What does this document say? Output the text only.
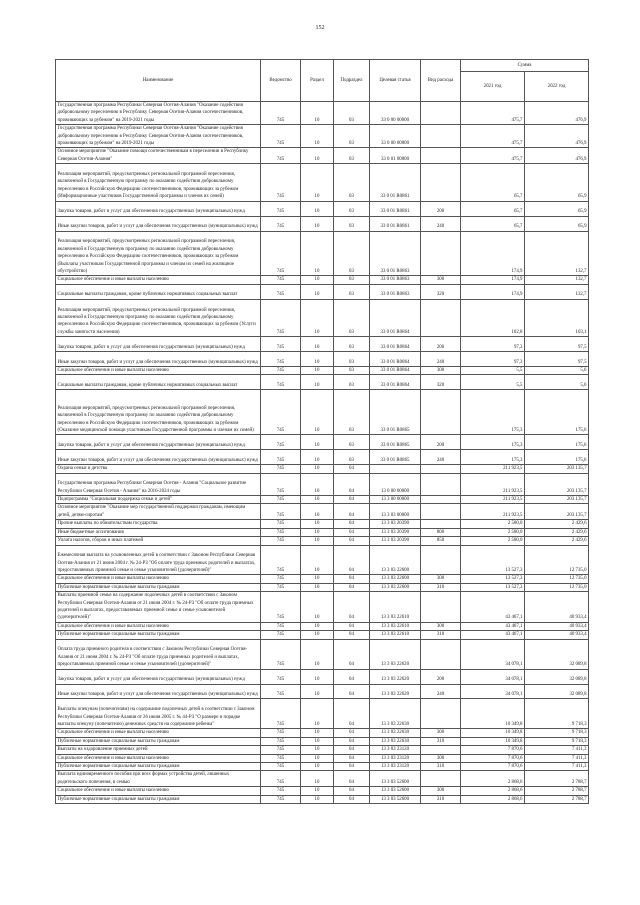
152
Наименование	Ведомство	Раздел	Подраздел	Целевая статья	Вид расхода	Сумма	
						2021 год	2022 год
Государственная программа Республики Северная Осетия-Алания "Оказание содействия добровольному переселению в Республику Северная Осетия-Алания соотечественников, проживающих за рубежом" на 2019-2021 годы	745	10	03	33 0 00 00000		475,7	476,9
Государственная программа Республики Северная Осетия-Алания "Оказание содействия добровольному переселению в Республику Северная Осетия-Алания соотечественников, проживающих за рубежом" на 2019-2021 годы	745	10	03	33 0 00 00000		475,7	476,9
Основное мероприятие "Оказание помощи соотечественникам в переселении в Республику Северная Осетия-Алания"	745	10	03	33 0 01 00000		475,7	476,9
Реализация мероприятий, предусмотренных региональной программой переселения, включенной в Государственную программу по оказанию содействия добровольному переселению в Российскую Федерацию соотечественников, проживающих за рубежом (Информационные участников Государственной программы и членов их семей)	745	10	03	33 0 01 R0861		65,7	65,9
Закупка товаров, работ и услуг для обеспечения государственных (муниципальных) нужд	745	10	03	33 0 01 R0861	200	65,7	65,9
Иные закупки товаров, работ и услуг для обеспечения государственных (муниципальных) нужд	745	10	03	33 0 01 R0861	240	65,7	65,9
Реализация мероприятий, предусмотренных региональной программой переселения, включенной в Государственную программу по оказанию содействия добровольному переселению в Российскую Федерацию соотечественников, проживающих за рубежом (Выплаты участникам Государственной программы и членам их семей на жилищное обустройство)	745	10	03	33 0 01 R0863		174,9	132,7
Социальное обеспечение и иные выплаты населению	745	10	03	33 0 01 R0863	300	174,9	132,7
Социальные выплаты гражданам, кроме публичных нормативных социальных выплат	745	10	03	33 0 01 R0863	320	174,9	132,7
Реализация мероприятий, предусмотренных региональной программой переселения, включенной в Государственную программу по оказанию содействия добровольному переселению в Российскую Федерацию соотечественников, проживающих за рубежом (Услуги службы занятости населения)	745	10	03	33 0 01 R0864		102,8	103,1
Закупка товаров, работ и услуг для обеспечения государственных (муниципальных) нужд	745	10	03	33 0 01 R0864	200	97,3	97,5
Иные закупки товаров, работ и услуг для обеспечения государственных (муниципальных) нужд	745	10	03	33 0 01 R0864	240	97,3	97,5
Социальное обеспечение и иные выплаты населению	745	10	03	33 0 01 R0864	300	5,5	5,6
Социальные выплаты гражданам, кроме публичных нормативных социальных выплат	745	10	03	33 0 01 R0864	320	5,5	5,6
Реализация мероприятий, предусмотренных региональной программой переселения, включенной в Государственную программу по оказанию содействия добровольному переселению в Российскую Федерацию соотечественников, проживающих за рубежом (Оказание медицинской помощи участникам Государственной программы и членам их семей)	745	10	03	33 0 01 R0865		175,3	175,6
Закупка товаров, работ и услуг для обеспечения государственных (муниципальных) нужд	745	10	03	33 0 01 R0865	200	175,3	175,6
Иные закупки товаров, работ и услуг для обеспечения государственных (муниципальных) нужд	745	10	03	33 0 01 R0865	240	175,3	175,6
Охрана семьи и детства	745	10	04			211 923,5	203 135,7
Государственная программа Республики Северная Осетия - Алания "Социальное развитие Республики Северная Осетия - Алания" на 2016-2024 годы	745	10	04	13 0 00 00000		211 923,5	203 135,7
Подпрограмма "Социальная поддержка семьи и детей"	745	10	04	13 3 00 00000		211 923,5	203 135,7
Основное мероприятие "Оказание мер государственной поддержки гражданам, имеющим детей, детям-сиротам"	745	10	04	13 3 03 00000		211 923,5	203 135,7
Прочие выплаты по обязательствам государства	745	10	04	13 3 03 20390		2 580,0	2 429,6
Иные бюджетные ассигнования	745	10	04	13 3 03 20390	800	2 580,0	2 429,6
Уплата налогов, сборов и иных платежей	745	10	04	13 3 03 20390	850	2 580,0	2 429,6
Ежемесячная выплата на усыновленных детей в соответствии с Законом Республики Северная Осетия-Алания от 21 июня 2004 г. № 24-РЗ "Об оплате труда приемных родителей и выплатах, предоставляемых приемной семье и семье усыновителей (удочерителей)"	745	10	04	13 3 03 22600		13 527,3	12 735,0
Социальное обеспечение и иные выплаты населению	745	10	04	13 3 03 22600	300	13 527,3	12 735,0
Публичные нормативные социальные выплаты гражданам	745	10	04	13 3 03 22600	310	13 527,3	12 735,0
Выплаты приемной семье на содержание подопечных детей в соответствии с Законом Республики Северная Осетия-Алания от 21 июня 2004 г. № 24-РЗ "Об оплате труда приемных родителей и выплатах, предоставляемых приемной семье и семье усыновителей (удочерителей)"	745	10	04	13 3 03 22610		43 467,1	40 933,4
Социальное обеспечение и иные выплаты населению	745	10	04	13 3 03 22610	300	43 467,1	40 933,4
Публичные нормативные социальные выплаты гражданам	745	10	04	13 3 03 22610	310	43 467,1	40 933,4
Оплата труда приемного родителя в соответствии с Законом Республики Северная Осетия-Алания от 21 июня 2004 г. № 24-РЗ "Об оплате труда приемных родителей и выплатах, предоставляемых приемной семье и семье усыновителей (удочерителей)"	745	10	04	13 3 03 22620		34 078,1	32 089,8
Закупка товаров, работ и услуг для обеспечения государственных (муниципальных) нужд	745	10	04	13 3 03 22620	200	34 078,1	32 089,8
Иные закупки товаров, работ и услуг для обеспечения государственных (муниципальных) нужд	745	10	04	13 3 03 22620	240	34 078,1	32 089,8
Выплаты опекунам (попечителям) на содержание подопечных детей в соответствии с Законом Республики Северная Осетия-Алания от 26 июня 2005 г. № 44-РЗ "О размере и порядке выплаты опекуну (попечителю) денежных средств на содержание ребенка"	745	10	04	13 3 03 22630		10 349,8	9 718,3
Социальное обеспечение и иные выплаты населению	745	10	04	13 3 03 22630	300	10 349,8	9 718,3
Публичные нормативные социальные выплаты гражданам	745	10	04	13 3 03 22630	310	10 349,8	9 718,3
Выплаты на оздоровление приемных детей	745	10	04	13 3 03 23120		7 870,6	7 411,3
Социальное обеспечение и иные выплаты населению	745	10	04	13 3 03 23120	300	7 870,6	7 411,3
Публичные нормативные социальные выплаты гражданам	745	10	04	13 3 03 23120	310	7 870,6	7 411,3
Выплата единовременного пособия при всех формах устройства детей, лишенных родительского попечения, в семью	745	10	04	13 3 03 52600		2 868,6	2 788,7
Социальное обеспечение и иные выплаты населению	745	10	04	13 3 03 52600	300	2 868,6	2 788,7
Публичные нормативные социальные выплаты гражданам	745	10	04	13 3 03 52600	310	2 868,6	2 788,7
